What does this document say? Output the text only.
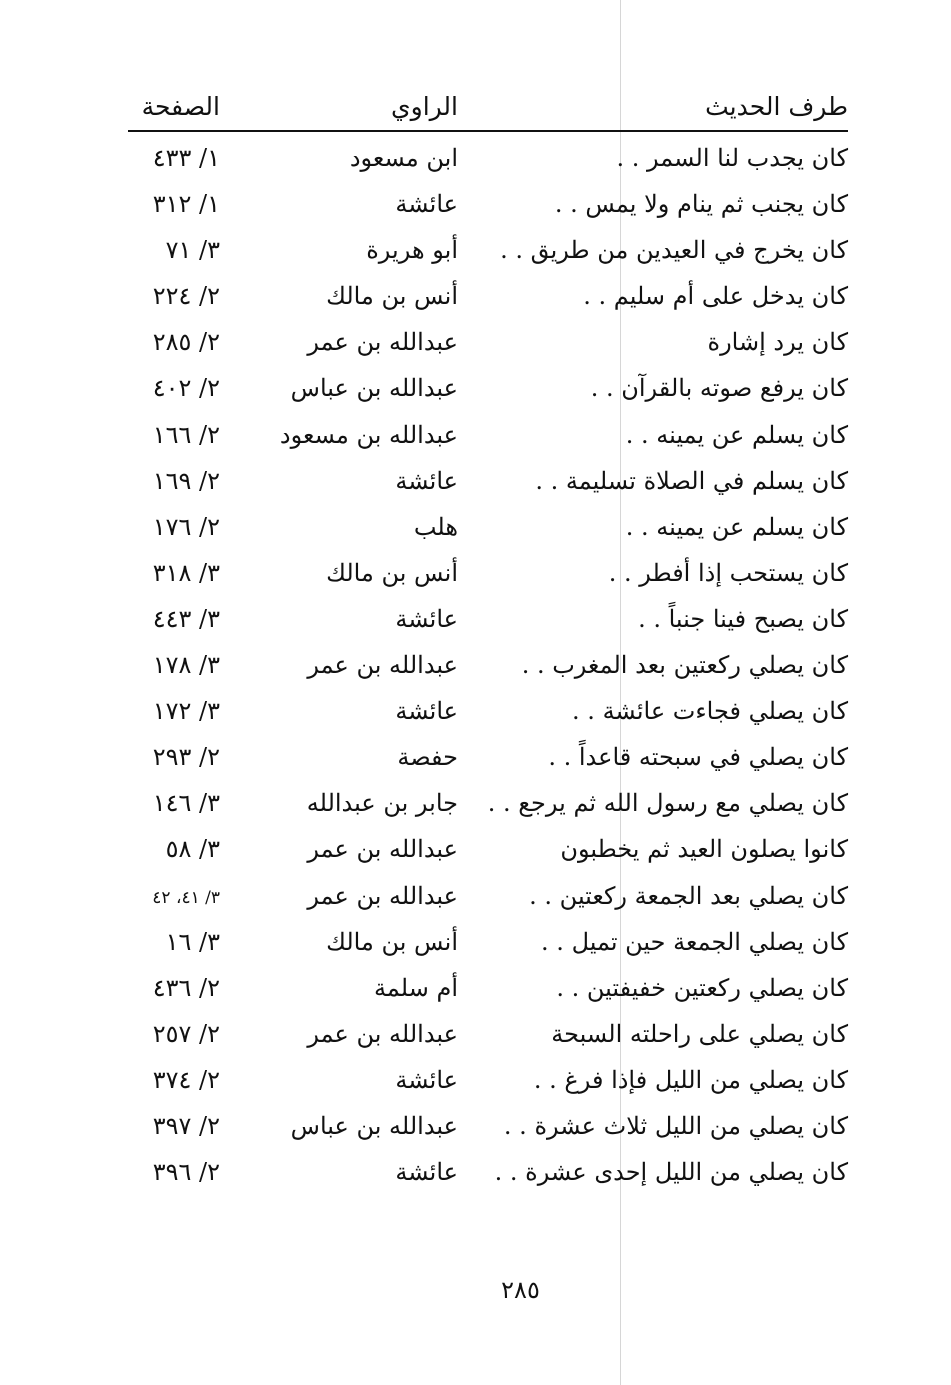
طرف الحديث
الراوي
الصفحة
كان يجدب لنا السمر . .
ابن مسعود
١/ ٤٣٣
كان يجنب ثم ينام ولا يمس . .
عائشة
١/ ٣١٢
كان يخرج في العيدين من طريق . .
أبو هريرة
٣/ ٧١
كان يدخل على أم سليم . .
أنس بن مالك
٢/ ٢٢٤
كان يرد إشارة
عبدالله بن عمر
٢/ ٢٨٥
كان يرفع صوته بالقرآن . .
عبدالله بن عباس
٢/ ٤٠٢
كان يسلم عن يمينه . .
عبدالله بن مسعود
٢/ ١٦٦
كان يسلم في الصلاة تسليمة . .
عائشة
٢/ ١٦٩
كان يسلم عن يمينه . .
هلب
٢/ ١٧٦
كان يستحب إذا أفطر . .
أنس بن مالك
٣/ ٣١٨
كان يصبح فينا جنباً . .
عائشة
٣/ ٤٤٣
كان يصلي ركعتين بعد المغرب . .
عبدالله بن عمر
٣/ ١٧٨
كان يصلي فجاءت عائشة . .
عائشة
٣/ ١٧٢
كان يصلي في سبحته قاعداً . .
حفصة
٢/ ٢٩٣
كان يصلي مع رسول الله ثم يرجع . .
جابر بن عبدالله
٣/ ١٤٦
كانوا يصلون العيد ثم يخطبون
عبدالله بن عمر
٣/ ٥٨
كان يصلي بعد الجمعة ركعتين . .
عبدالله بن عمر
٣/ ٤١، ٤٢
كان يصلي الجمعة حين تميل . .
أنس بن مالك
٣/ ١٦
كان يصلي ركعتين خفيفتين . .
أم سلمة
٢/ ٤٣٦
كان يصلي على راحلته السبحة
عبدالله بن عمر
٢/ ٢٥٧
كان يصلي من الليل فإذا فرغ . .
عائشة
٢/ ٣٧٤
كان يصلي من الليل ثلاث عشرة . .
عبدالله بن عباس
٢/ ٣٩٧
كان يصلي من الليل إحدى عشرة . .
عائشة
٢/ ٣٩٦
٢٨٥
